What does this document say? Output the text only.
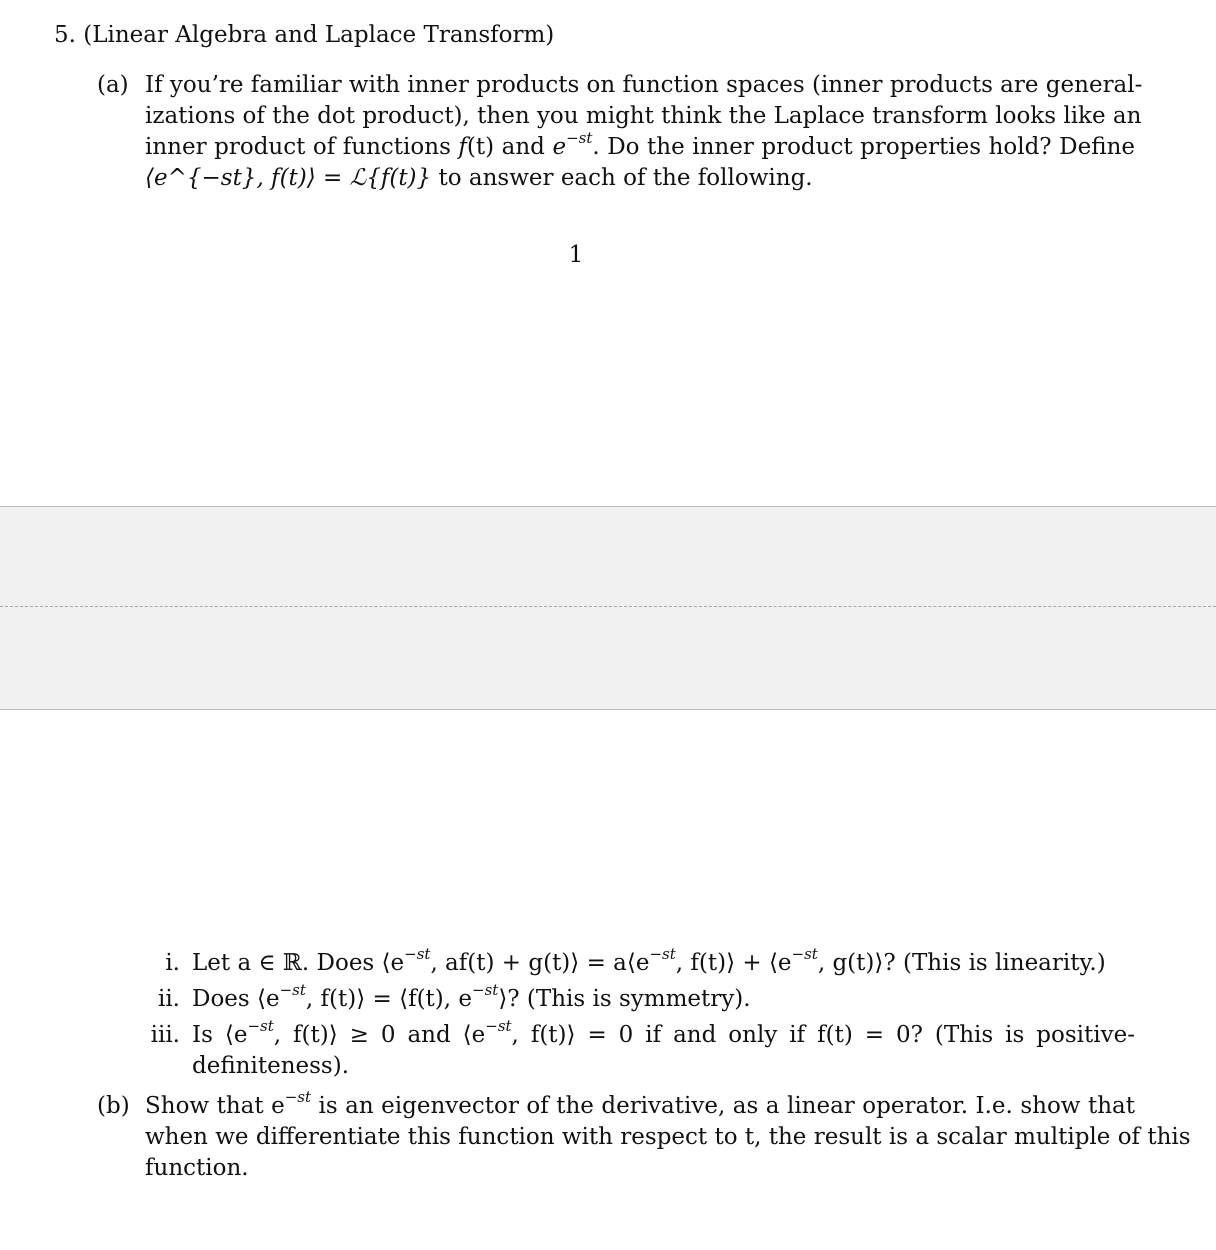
5. (Linear Algebra and Laplace Transform)
(a) If you’re familiar with inner products on function spaces (inner products are general-
izations of the dot product), then you might think the Laplace transform looks like an
inner product of functions f(t) and $e^{-st}$. Do the inner product properties hold? Define
⟨e^{−st}, f(t)⟩ = ℒ{f(t)} to answer each of the following.
1
i. Let a ∈ ℝ. Does $⟨e^{-st}$, af(t) + g(t)⟩ = $a⟨e^{-st}$, f(t)⟩ + $⟨e^{-st}$, g(t)⟩? (This is linearity.)
ii. Does $⟨e^{-st}$, f(t)⟩ = ⟨f(t), $e^{-st}⟩$? (This is symmetry).
iii. Is $⟨e^{-st}$, f(t)⟩ ≥ 0 and $⟨e^{-st}$, f(t)⟩ = 0 if and only if f(t) = 0? (This is positive-
definiteness).
(b) Show that $e^{-st}$ is an eigenvector of the derivative, as a linear operator. I.e. show that
when we differentiate this function with respect to t, the result is a scalar multiple of this
function.
